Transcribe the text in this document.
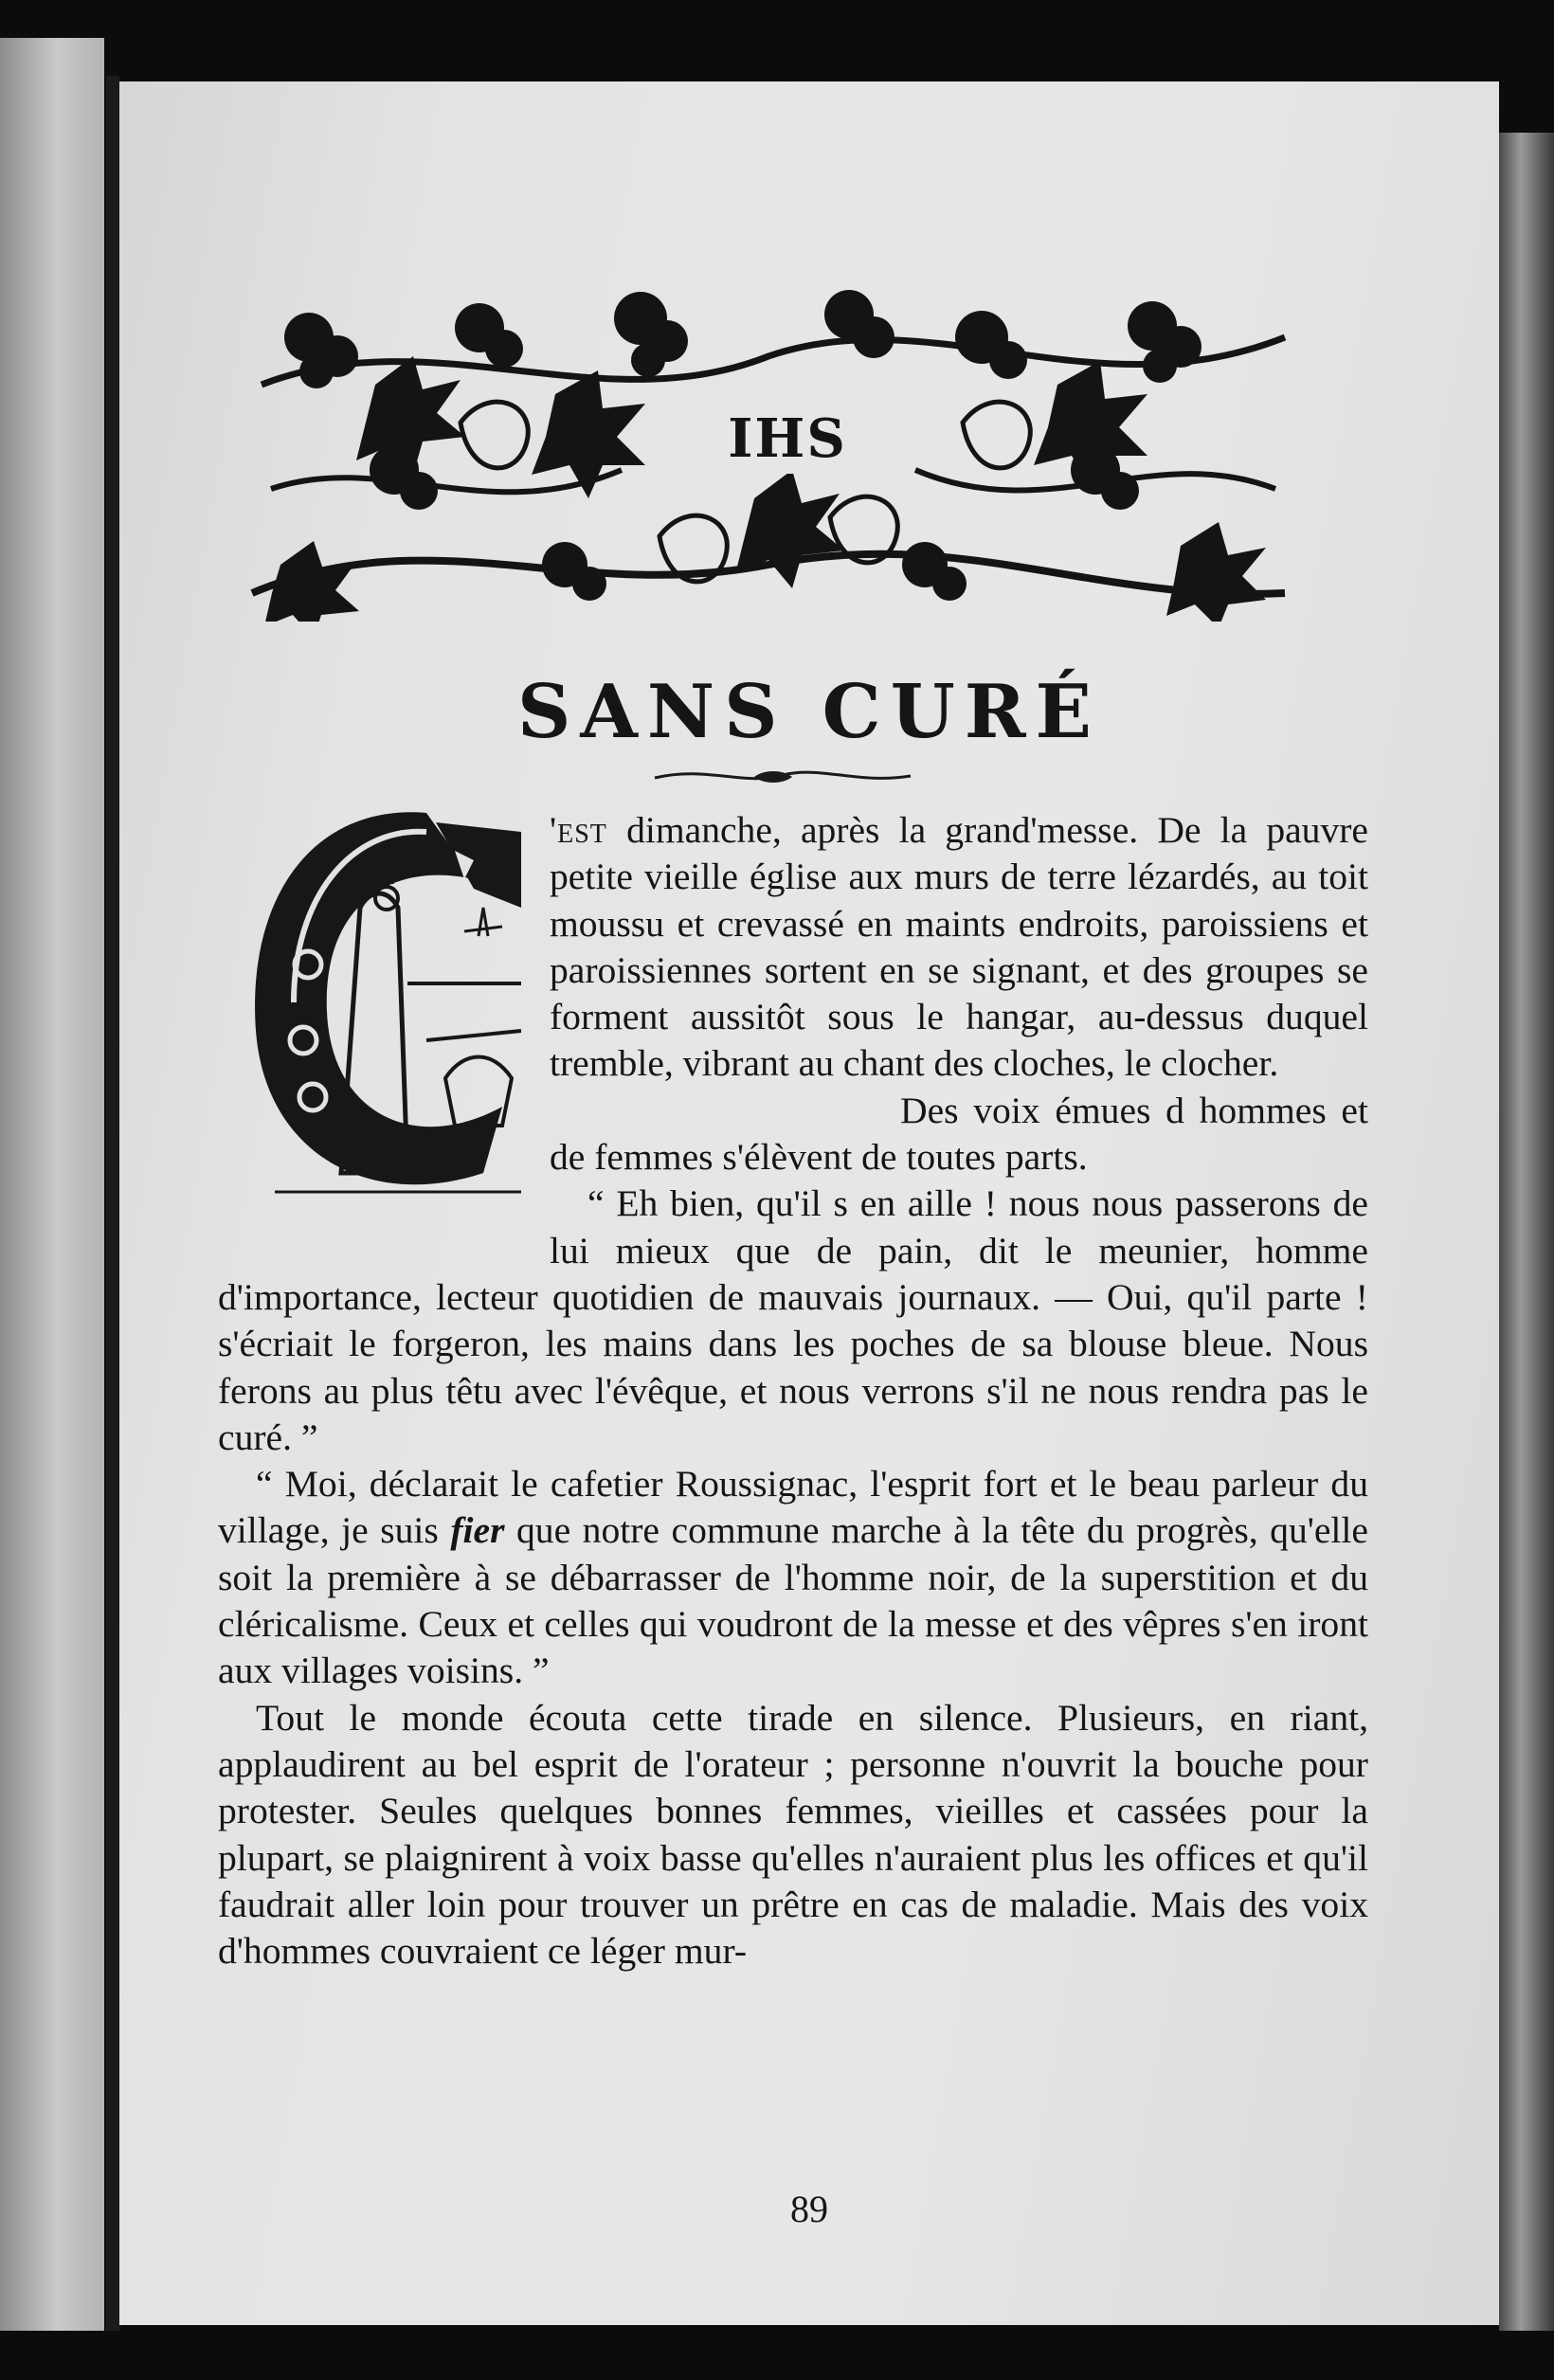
IHS
SANS CURÉ

'est dimanche, après la grand'messe. De la pauvre petite vieille église aux murs de terre lézardés, au toit moussu et crevassé en maints endroits, paroissiens et paroissiennes sortent en se signant, et des groupes se forment aussitôt sous le hangar, au-dessus duquel tremble, vibrant au chant des cloches, le clocher.

Des voix émues d hommes et de femmes s'élèvent de toutes parts.

“ Eh bien, qu'il s en aille ! nous nous passerons de lui mieux que de pain, dit le meunier, homme d'importance, lecteur quotidien de mauvais journaux. — Oui, qu'il parte ! s'écriait le forgeron, les mains dans les poches de sa blouse bleue. Nous ferons au plus têtu avec l'évêque, et nous verrons s'il ne nous rendra pas le curé. ”

“ Moi, déclarait le cafetier Roussignac, l'esprit fort et le beau parleur du village, je suis fier que notre commune marche à la tête du progrès, qu'elle soit la première à se débarrasser de l'homme noir, de la superstition et du cléricalisme. Ceux et celles qui voudront de la messe et des vêpres s'en iront aux villages voisins. ”

Tout le monde écouta cette tirade en silence. Plusieurs, en riant, applaudirent au bel esprit de l'orateur ; personne n'ouvrit la bouche pour protester. Seules quelques bonnes femmes, vieilles et cassées pour la plupart, se plaignirent à voix basse qu'elles n'auraient plus les offices et qu'il faudrait aller loin pour trouver un prêtre en cas de maladie. Mais des voix d'hommes couvraient ce léger mur-

89
